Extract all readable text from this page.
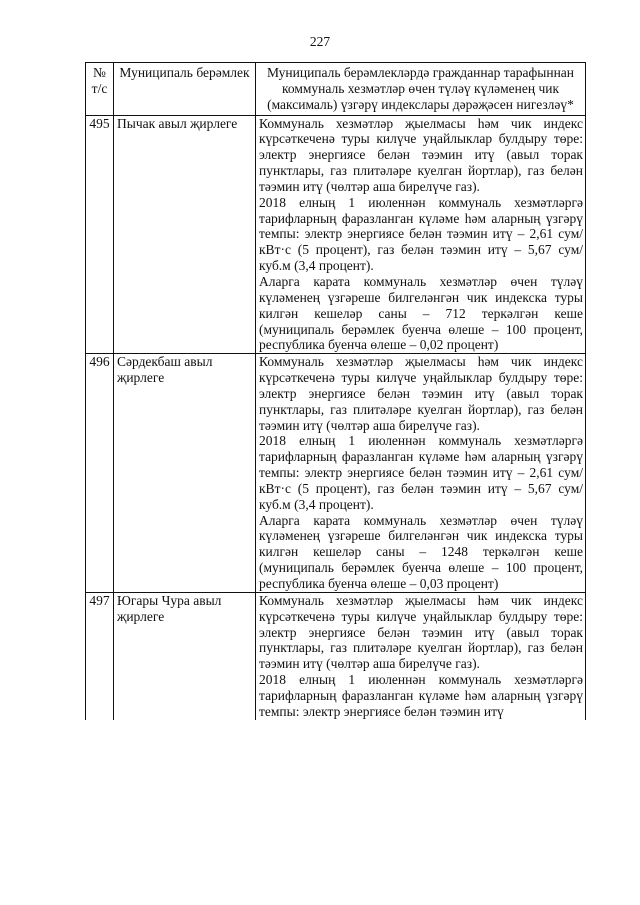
227
№ т/с	Муниципаль берәмлек	Муниципаль берәмлекләрдә гражданнар тарафыннан коммуналь хезмәтләр өчен түләү күләменең чик (максималь) үзгәрү индекслары дәрәҗәсен нигезләү*
495	Пычак авыл җирлеге	Коммуналь хезмәтләр җыелмасы һәм чик индекс күрсәткеченә туры килүче уңайлыклар булдыру төре: электр энергиясе белән тәэмин итү (авыл торак пунктлары, газ плитәләре куелган йортлар), газ белән тәэмин итү (чөлтәр аша бирелүче газ).

2018 елның 1 июленнән коммуналь хезмәтләргә тарифларның фаразланган күләме һәм аларның үзгәрү темпы: электр энергиясе белән тәэмин итү – 2,61 сум/кВт·с (5 процент), газ белән тәэмин итү – 5,67 сум/куб.м (3,4 процент).

Аларга карата коммуналь хезмәтләр өчен түләү күләменең үзгәреше билгеләнгән чик индекска туры килгән кешеләр саны – 712 теркәлгән кеше (муниципаль берәмлек буенча өлеше – 100 процент, республика буенча өлеше – 0,02 процент)

496	Сәрдекбаш авыл җирлеге	Коммуналь хезмәтләр җыелмасы һәм чик индекс күрсәткеченә туры килүче уңайлыклар булдыру төре: электр энергиясе белән тәэмин итү (авыл торак пунктлары, газ плитәләре куелган йортлар), газ белән тәэмин итү (чөлтәр аша бирелүче газ).

2018 елның 1 июленнән коммуналь хезмәтләргә тарифларның фаразланган күләме һәм аларның үзгәрү темпы: электр энергиясе белән тәэмин итү – 2,61 сум/кВт·с (5 процент), газ белән тәэмин итү – 5,67 сум/куб.м (3,4 процент).

Аларга карата коммуналь хезмәтләр өчен түләү күләменең үзгәреше билгеләнгән чик индекска туры килгән кешеләр саны – 1248 теркәлгән кеше (муниципаль берәмлек буенча өлеше – 100 процент, республика буенча өлеше – 0,03 процент)

497	Югары Чура авыл җирлеге	Коммуналь хезмәтләр җыелмасы һәм чик индекс күрсәткеченә туры килүче уңайлыклар булдыру төре: электр энергиясе белән тәэмин итү (авыл торак пунктлары, газ плитәләре куелган йортлар), газ белән тәэмин итү (чөлтәр аша бирелүче газ).

2018 елның 1 июленнән коммуналь хезмәтләргә тарифларның фаразланган күләме һәм аларның үзгәрү темпы: электр энергиясе белән тәэмин итү
